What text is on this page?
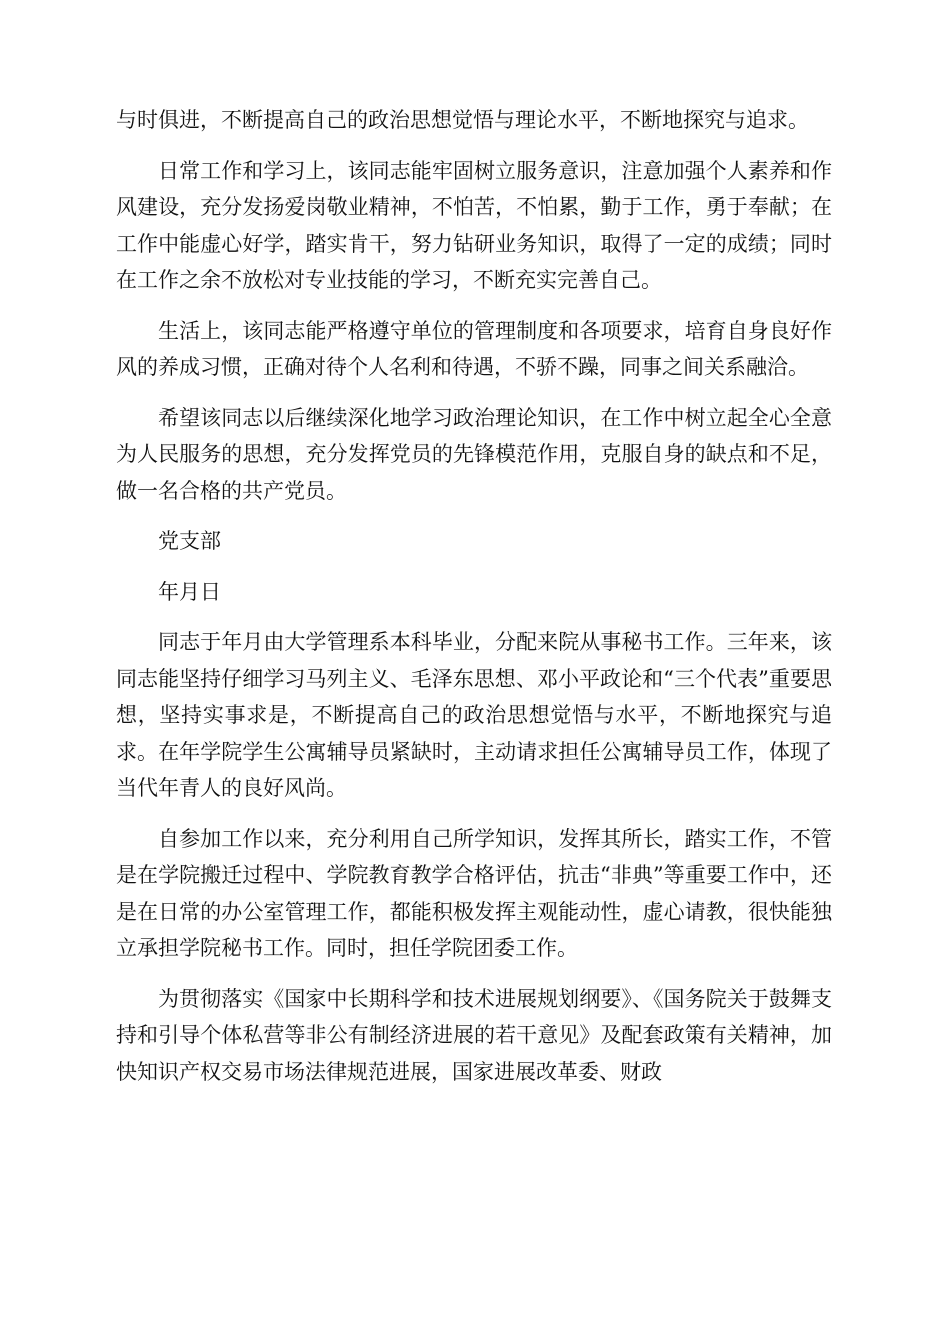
与时俱进，不断提高自己的政治思想觉悟与理论水平，不断地探究与追求。

日常工作和学习上，该同志能牢固树立服务意识，注意加强个人素养和作风建设，充分发扬爱岗敬业精神，不怕苦，不怕累，勤于工作，勇于奉献；在工作中能虚心好学，踏实肯干，努力钻研业务知识，取得了一定的成绩；同时在工作之余不放松对专业技能的学习，不断充实完善自己。

生活上，该同志能严格遵守单位的管理制度和各项要求，培育自身良好作风的养成习惯，正确对待个人名利和待遇，不骄不躁，同事之间关系融洽。

希望该同志以后继续深化地学习政治理论知识，在工作中树立起全心全意为人民服务的思想，充分发挥党员的先锋模范作用，克服自身的缺点和不足，做一名合格的共产党员。

党支部

年月日

同志于年月由大学管理系本科毕业，分配来院从事秘书工作。三年来，该同志能坚持仔细学习马列主义、毛泽东思想、邓小平政论和“三个代表”重要思想，坚持实事求是，不断提高自己的政治思想觉悟与水平，不断地探究与追求。在年学院学生公寓辅导员紧缺时，主动请求担任公寓辅导员工作，体现了当代年青人的良好风尚。

自参加工作以来，充分利用自己所学知识，发挥其所长，踏实工作，不管是在学院搬迁过程中、学院教育教学合格评估，抗击“非典”等重要工作中，还是在日常的办公室管理工作，都能积极发挥主观能动性，虚心请教，很快能独立承担学院秘书工作。同时，担任学院团委工作。

为贯彻落实《国家中长期科学和技术进展规划纲要》、《国务院关于鼓舞支持和引导个体私营等非公有制经济进展的若干意见》及配套政策有关精神，加快知识产权交易市场法律规范进展，国家进展改革委、财政
